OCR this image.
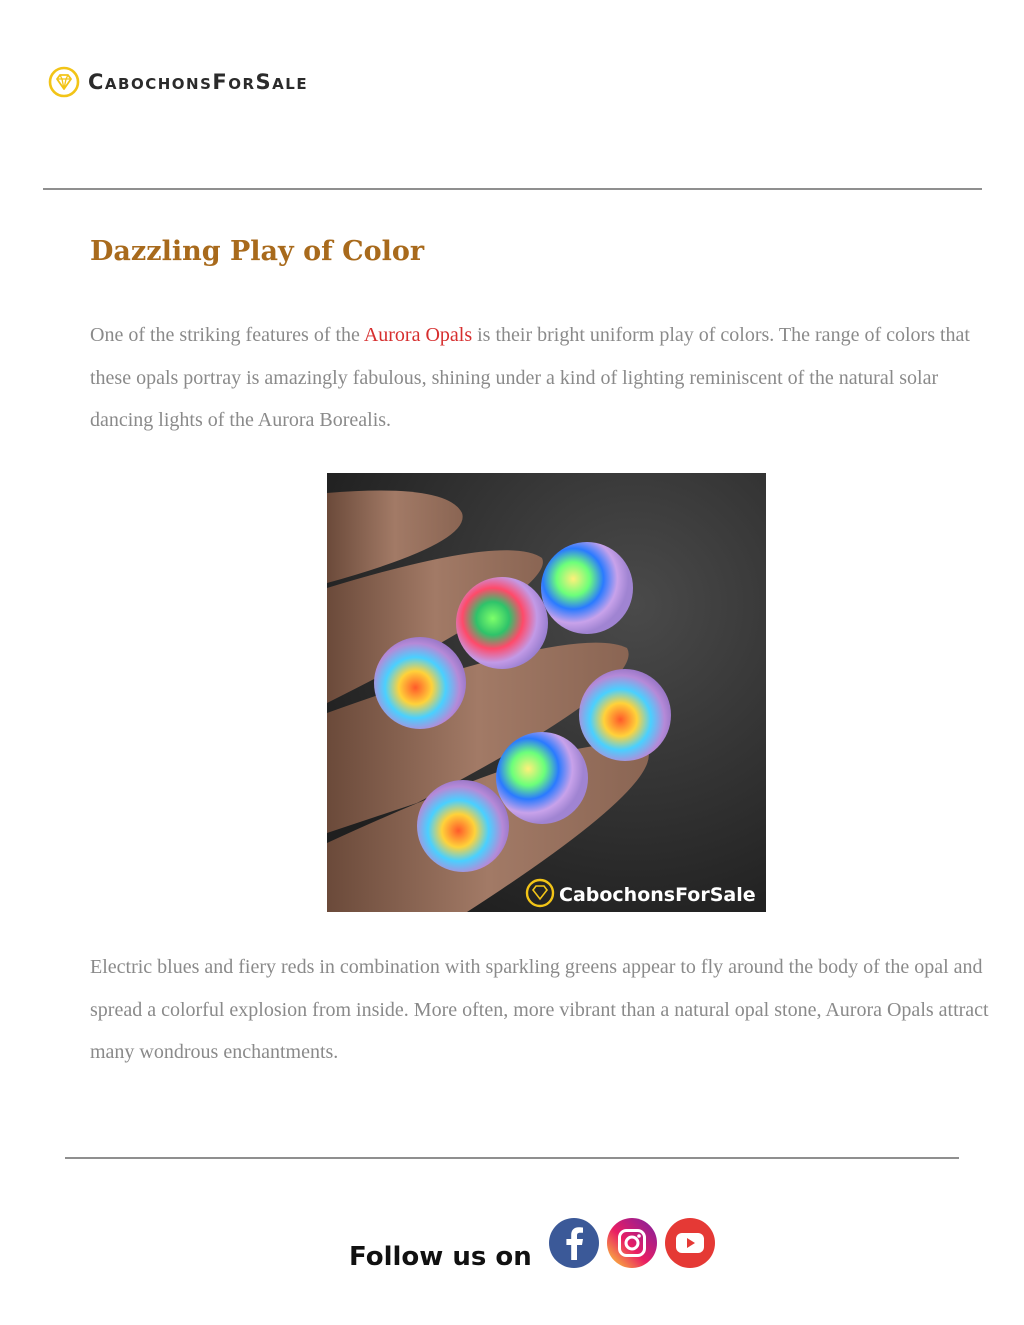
CabochonsForSale
Dazzling Play of Color

One of the striking features of the Aurora Opals is their bright uniform play of colors. The range of colors that these opals portray is amazingly fabulous, shining under a kind of lighting reminiscent of the natural solar dancing lights of the Aurora Borealis.

CabochonsForSale

Electric blues and fiery reds in combination with sparkling greens appear to fly around the body of the opal and spread a colorful explosion from inside. More often, more vibrant than a natural opal stone, Aurora Opals attract many wondrous enchantments.

Follow us on
